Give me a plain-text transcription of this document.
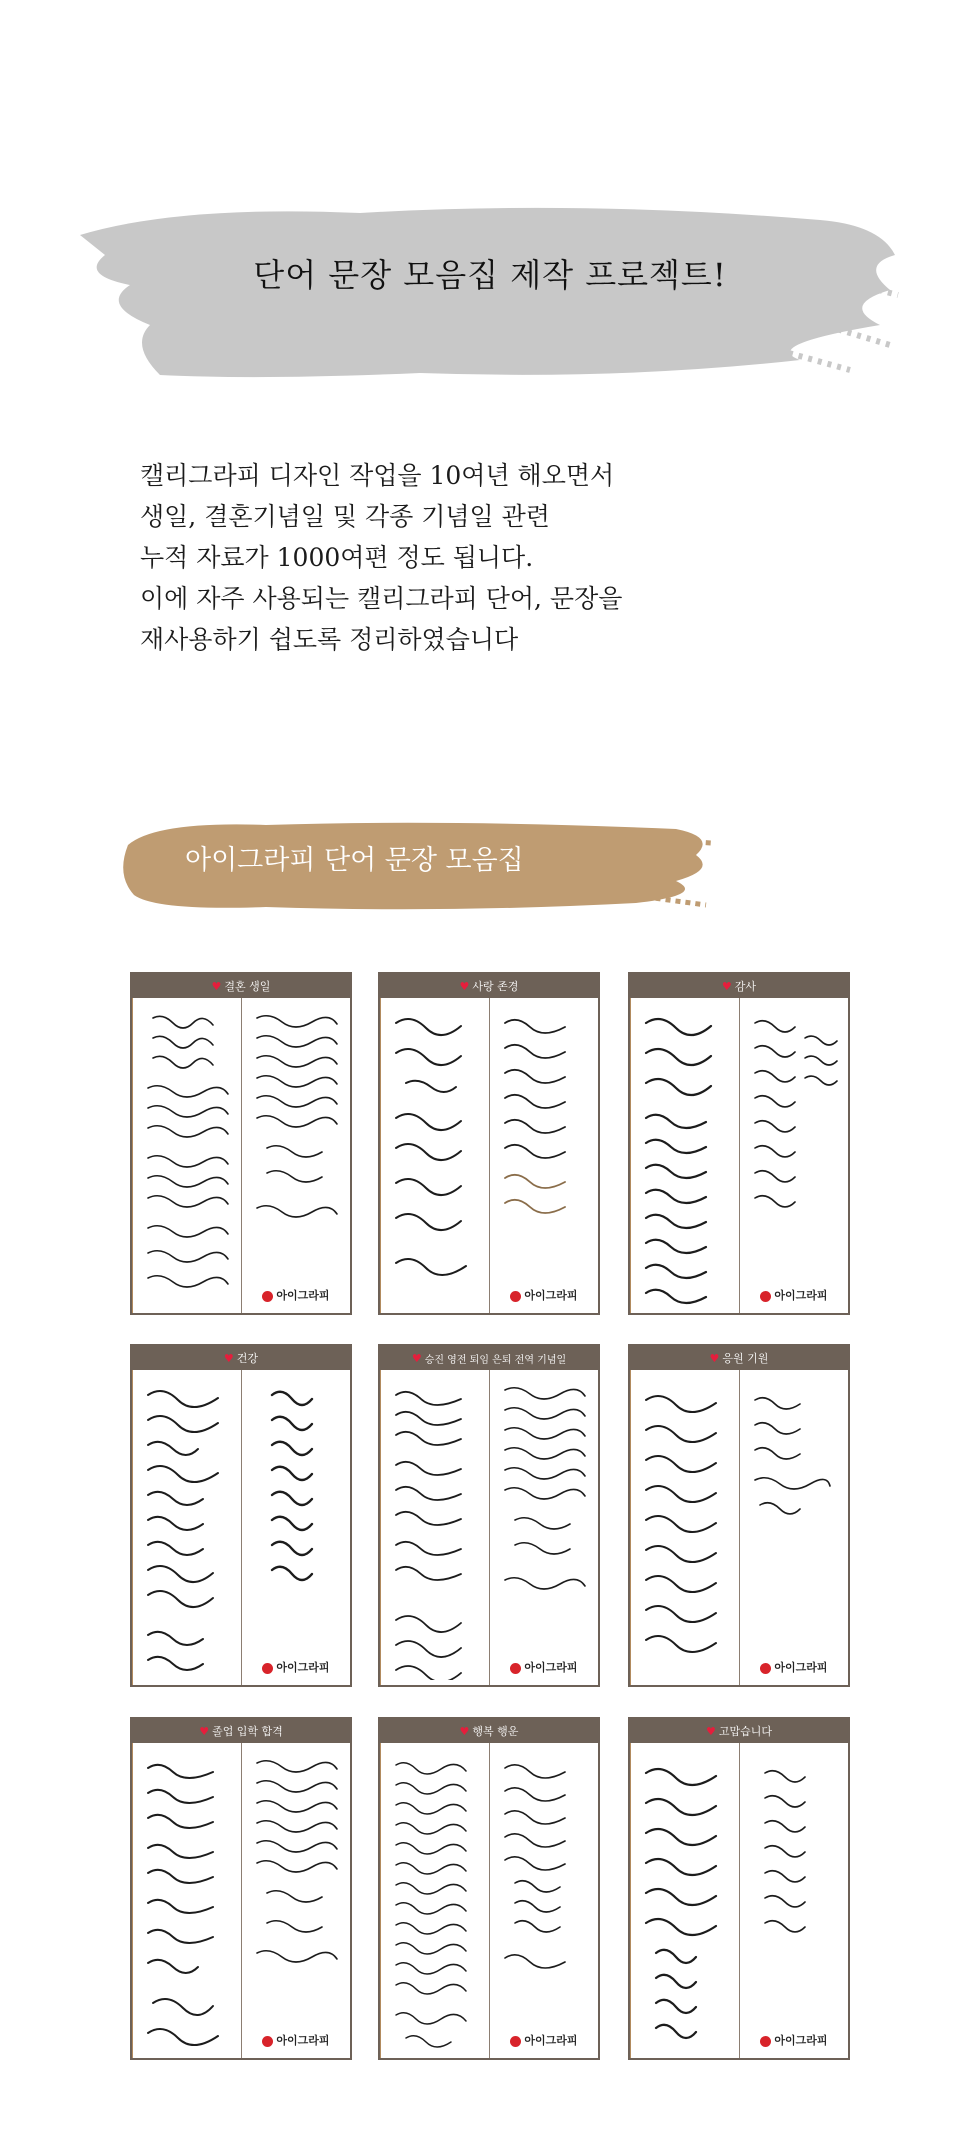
단어 문장 모음집 제작 프로젝트!

캘리그라피 디자인 작업을 10여년 해오면서

생일, 결혼기념일 및 각종 기념일 관련

누적 자료가 1000여편 정도 됩니다.

이에 자주 사용되는 캘리그라피 단어, 문장을

재사용하기 쉽도록 정리하였습니다

아이그라피 단어 문장 모음집
♥ 결혼 생일
아이그라피
♥ 사랑 존경
아이그라피
♥ 감사
아이그라피
♥ 건강
아이그라피
♥ 승진 영전 퇴임 은퇴 전역 기념일
아이그라피
♥ 응원 기원
아이그라피
♥ 졸업 입학 합격
아이그라피
♥ 행복 행운
아이그라피
♥ 고맙습니다
아이그라피
